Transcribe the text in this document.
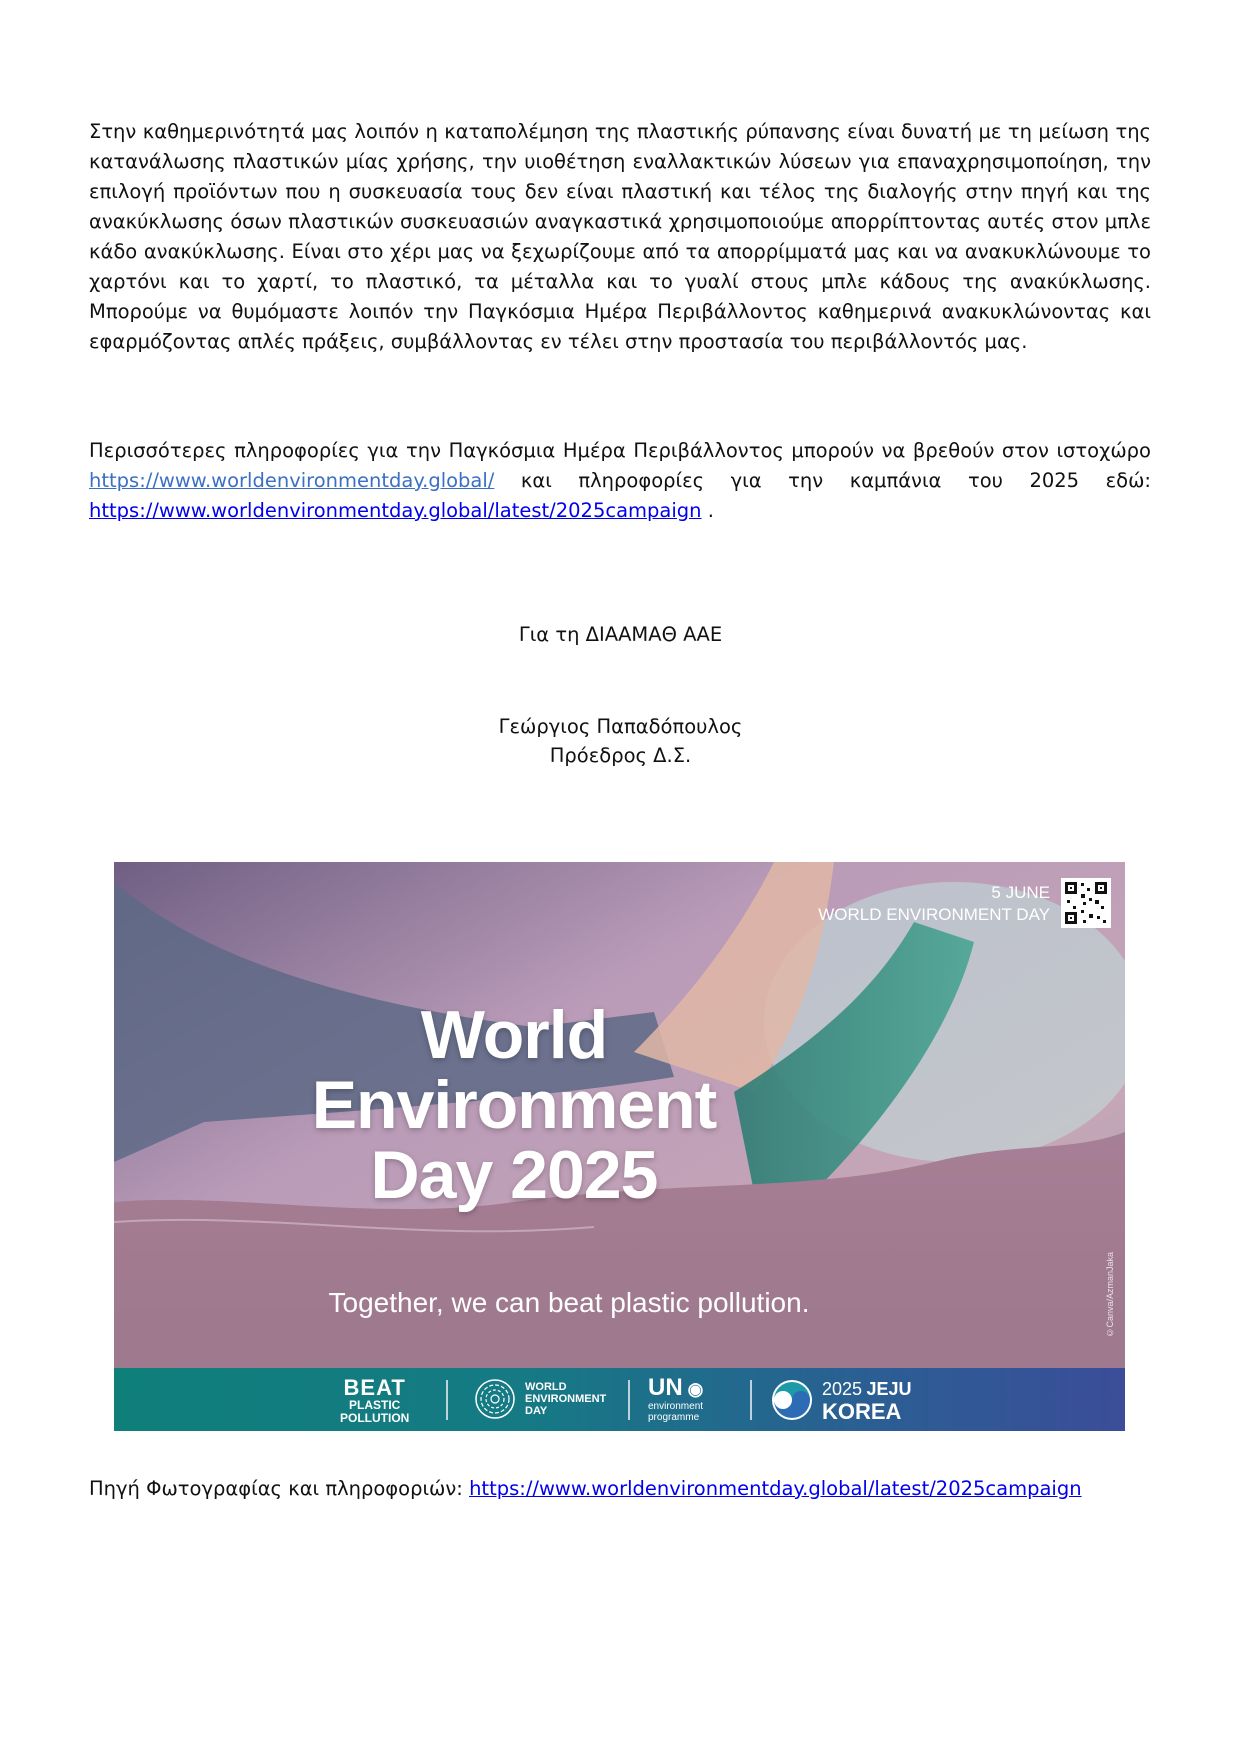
Στην καθημερινότητά μας λοιπόν η καταπολέμηση της πλαστικής ρύπανσης είναι δυνατή με τη μείωση της κατανάλωσης πλαστικών μίας χρήσης, την υιοθέτηση εναλλακτικών λύσεων για επαναχρησιμοποίηση, την επιλογή προϊόντων που η συσκευασία τους δεν είναι πλαστική και τέλος της διαλογής στην πηγή και της ανακύκλωσης όσων πλαστικών συσκευασιών αναγκαστικά χρησιμοποιούμε απορρίπτοντας αυτές στον μπλε κάδο ανακύκλωσης. Είναι στο χέρι μας να ξεχωρίζουμε από τα απορρίμματά μας και να ανακυκλώνουμε το χαρτόνι και το χαρτί, το πλαστικό, τα μέταλλα και το γυαλί στους μπλε κάδους της ανακύκλωσης. Μπορούμε να θυμόμαστε λοιπόν την Παγκόσμια Ημέρα Περιβάλλοντος καθημερινά ανακυκλώνοντας και εφαρμόζοντας απλές πράξεις, συμβάλλοντας εν τέλει στην προστασία του περιβάλλοντός μας.

Περισσότερες πληροφορίες για την Παγκόσμια Ημέρα Περιβάλλοντος μπορούν να βρεθούν στον ιστοχώρο https://www.worldenvironmentday.global/ και πληροφορίες για την καμπάνια του 2025 εδώ: https://www.worldenvironmentday.global/latest/2025campaign .

Για τη ΔΙΑΑΜΑΘ ΑΑΕ

Γεώργιος Παπαδόπουλος

Πρόεδρος Δ.Σ.

5 JUNE
WORLD ENVIRONMENT DAY
World
Environment
Day 2025
Together, we can beat plastic pollution.	©Canva/AzmanJaka
BEAT
PLASTIC
POLLUTION
WORLD
ENVIRONMENT
DAY
UN ◉
environment
programme
2025 JEJU
KOREA

Πηγή Φωτογραφίας και πληροφοριών: https://www.worldenvironmentday.global/latest/2025campaign
